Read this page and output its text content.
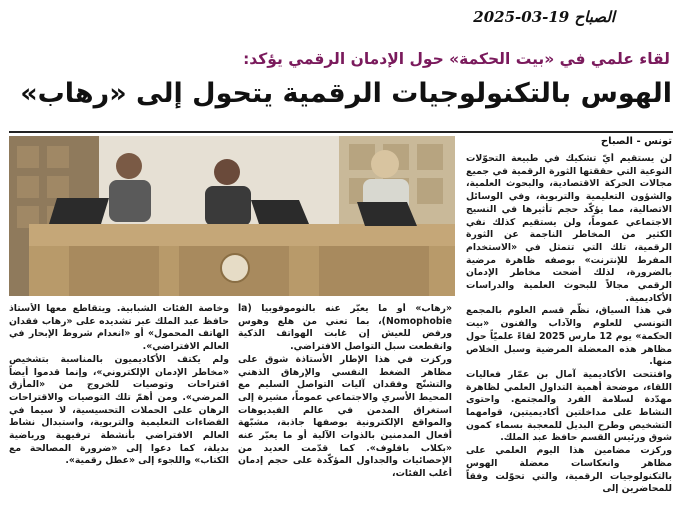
الصباح 19-03-2025
لقاء علمي في «بيت الحكمة» حول الإدمان الرقمي يؤكد:
الهوس بالتكنولوجيات الرقمية يتحول إلى «رهاب»
تونس - الصباح

لن يستقيم أيّ تشكيك في طبيعة التحوّلات النوعية التي حققتها الثورة الرقمية في جميع مجالات الحركة الاقتصادية، والبحوث العلمية، والشؤون التعليمية والتربوية، وفي الوسائل الاتصالية، مما يؤكّد حجم تأثيرها في النسيج الاجتماعي عموماً، ولن يستقيم كذلك نفي الكثير من المخاطر الناجمة عن الثورة الرقمية، تلك التي تتمثل في «الاستخدام المفرط للإنترنت» بوصفه ظاهرة مرضية بالضرورة، لذلك أضحت مخاطر الإدمان الرقمي مجالاً للبحوث العلمية والدراسات الأكاديمية.

في هذا السياق، نظّم قسم العلوم بالمجمع التونسي للعلوم والآداب والفنون «بيت الحكمة» يوم 12 مارس 2025 لقاءً علميّاً حول مظاهر هذه المعضلة المرضية وسبل الخلاص منها.

وافتتحت الأكاديمية آمال بن عمّار فعاليات اللقاء، موضحة أهمية التداول العلمي لظاهرة مهدّدة لسلامة الفرد والمجتمع. واحتوى النشاط على مداخلتين أكاديميتين، قوامهما التشخيص وطرح البديل للمعجبة بسماء كمون شوق ورئيس القسم حافظ عبد الملك.

وركزت مضامين هذا اليوم العلمي على مظاهر وانعكاسات معضلة الهوس بالتكنولوجيات الرقمية، والتي تحوّلت وفقاً للمحاضرين إلى

«رهاب» أو ما يعبّر عنه بالنوموفوبيا (la Nomophobie)، بما تعني من هلع وهوس ورفض للعيش إن غابت الهواتف الذكية وانقطعت سبل التواصل الافتراضي.

وركزت في هذا الإطار الأستاذة شوق على مظاهر الضغط النفسي والإرهاق الذهني والتشنّج وفقدان آليات التواصل السليم مع المحيط الأسري والاجتماعي عموماً، مشيرة إلى استغراق المدمن في عالم الفيديوهات والمواقع الإلكترونية بوصفها جاذبة، مشبّهة أفعال المدمنين بالذوات الآلية أو ما يعبّر عنه «بكلاب بافلوف». كما قدّمت العديد من الإحصائيات والجداول المؤكّدة على حجم إدمان أغلب الفئات،

وخاصة الفئات الشبابية. ويتقاطع معها الأستاذ حافظ عبد الملك عبر تشديده على «رهاب فقدان الهاتف المحمول» أو «انعدام شروط الإبحار في العالم الافتراضي».

ولم يكتف الأكاديميون بالمناسبة بتشخيص «مخاطر الإدمان الإلكتروني»، وإنما قدموا أيضاً اقتراحات وتوصيات للخروج من «المأزق المرضي». ومن أهمّ تلك التوصيات والاقتراحات الرهان على الحملات التحسيسية، لا سيما في الفضاءات التعليمية والتربوية، واستبدال نشاط العالم الافتراضي بأنشطة ترفيهية ورياضية بديلة، كما دعوا إلى «ضرورة المصالحة مع الكتاب» واللجوء إلى «عطل رقمية».
